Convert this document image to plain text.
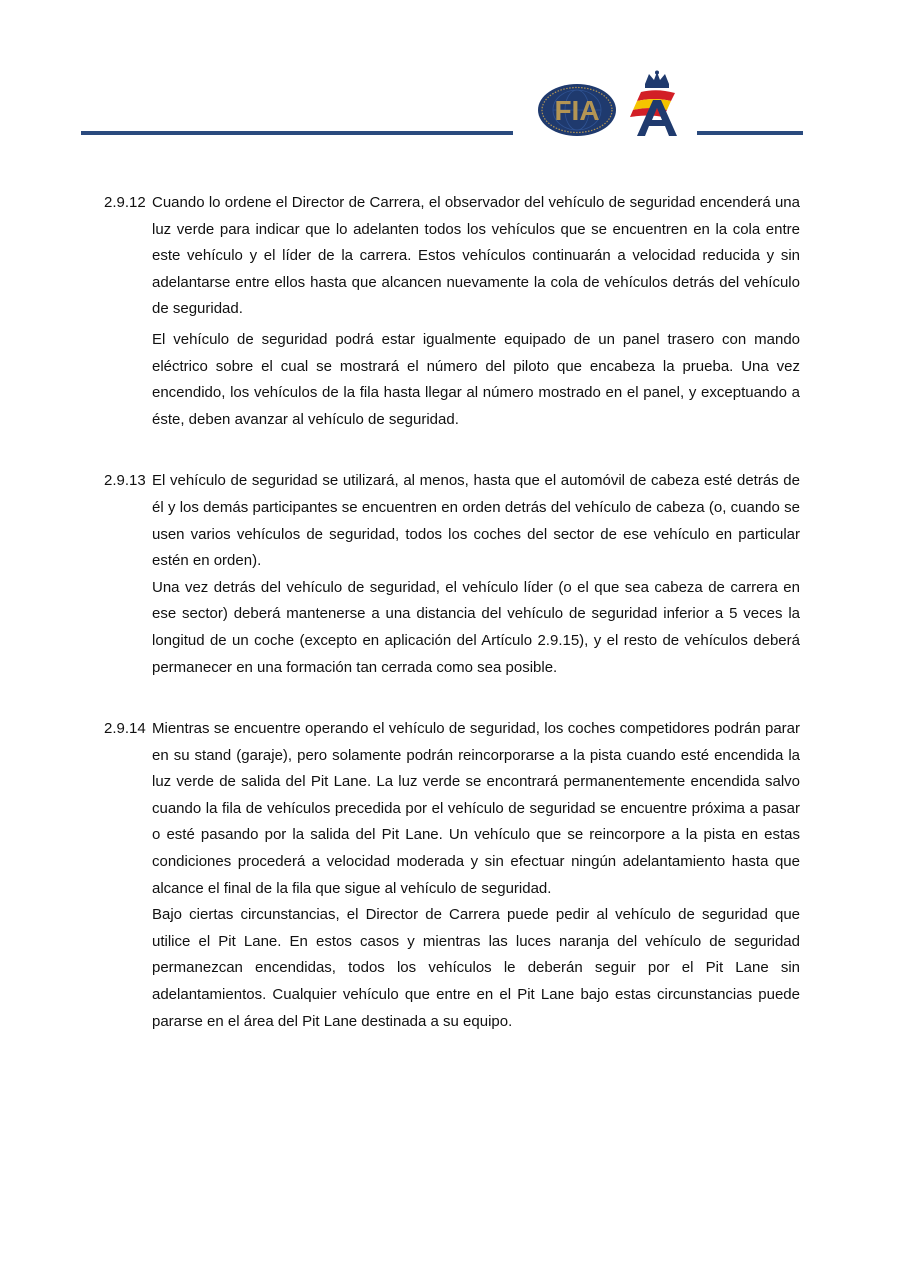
FIA
2.9.12 Cuando lo ordene el Director de Carrera, el observador del vehículo de seguridad encenderá una luz verde para indicar que lo adelanten todos los vehículos que se encuentren en la cola entre este vehículo y el líder de la carrera. Estos vehículos continuarán a velocidad reducida y sin adelantarse entre ellos hasta que alcancen nuevamente la cola de vehículos detrás del vehículo de seguridad.

El vehículo de seguridad podrá estar igualmente equipado de un panel trasero con mando eléctrico sobre el cual se mostrará el número del piloto que encabeza la prueba. Una vez encendido, los vehículos de la fila hasta llegar al número mostrado en el panel, y exceptuando a éste, deben avanzar al vehículo de seguridad.

2.9.13 El vehículo de seguridad se utilizará, al menos, hasta que el automóvil de cabeza esté detrás de él y los demás participantes se encuentren en orden detrás del vehículo de cabeza (o, cuando se usen varios vehículos de seguridad, todos los coches del sector de ese vehículo en particular estén en orden).

Una vez detrás del vehículo de seguridad, el vehículo líder (o el que sea cabeza de carrera en ese sector) deberá mantenerse a una distancia del vehículo de seguridad inferior a 5 veces la longitud de un coche (excepto en aplicación del Artículo 2.9.15), y el resto de vehículos deberá permanecer en una formación tan cerrada como sea posible.

2.9.14 Mientras se encuentre operando el vehículo de seguridad, los coches competidores podrán parar en su stand (garaje), pero solamente podrán reincorporarse a la pista cuando esté encendida la luz verde de salida del Pit Lane. La luz verde se encontrará permanentemente encendida salvo cuando la fila de vehículos precedida por el vehículo de seguridad se encuentre próxima a pasar o esté pasando por la salida del Pit Lane. Un vehículo que se reincorpore a la pista en estas condiciones procederá a velocidad moderada y sin efectuar ningún adelantamiento hasta que alcance el final de la fila que sigue al vehículo de seguridad.

Bajo ciertas circunstancias, el Director de Carrera puede pedir al vehículo de seguridad que utilice el Pit Lane. En estos casos y mientras las luces naranja del vehículo de seguridad permanezcan encendidas, todos los vehículos le deberán seguir por el Pit Lane sin adelantamientos. Cualquier vehículo que entre en el Pit Lane bajo estas circunstancias puede pararse en el área del Pit Lane destinada a su equipo.
